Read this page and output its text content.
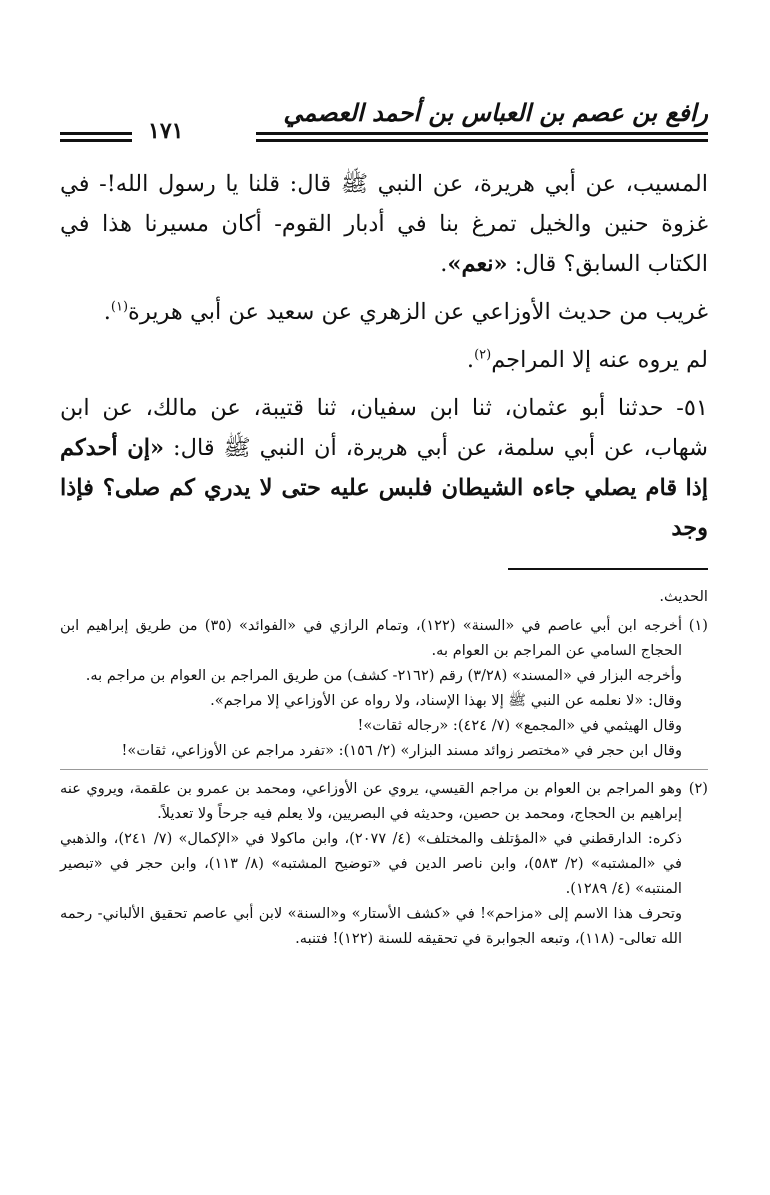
رافع بن عصم بن العباس بن أحمد العصمي
١٧١

المسيب، عن أبي هريرة، عن النبي ﷺ قال: قلنا يا رسول الله!- في غزوة حنين والخيل تمرغ بنا في أدبار القوم- أكان مسيرنا هذا في الكتاب السابق؟ قال: «نعم».

غريب من حديث الأوزاعي عن الزهري عن سعيد عن أبي هريرة$^{(١)}$.

لم يروه عنه إلا المراجم$^{(٢)}$.

٥١- حدثنا أبو عثمان، ثنا ابن سفيان، ثنا قتيبة، عن مالك، عن ابن شهاب، عن أبي سلمة، عن أبي هريرة، أن النبي ﷺ قال: «إن أحدكم إذا قام يصلي جاءه الشيطان فلبس عليه حتى لا يدري كم صلى؟ فإذا وجد

الحديث.

(١)
أخرجه ابن أبي عاصم في «السنة» (١٢٢)، وتمام الرازي في «الفوائد» (٣٥) من طريق إبراهيم ابن الحجاج السامي عن المراجم بن العوام به.

وأخرجه البزار في «المسند» (٣/٢٨) رقم (٢١٦٢- كشف) من طريق المراجم بن العوام بن مراجم به.

وقال: «لا نعلمه عن النبي ﷺ إلا بهذا الإسناد، ولا رواه عن الأوزاعي إلا مراجم».

وقال الهيثمي في «المجمع» (٧/ ٤٢٤): «رجاله ثقات»!

وقال ابن حجر في «مختصر زوائد مسند البزار» (٢/ ١٥٦): «تفرد مراجم عن الأوزاعي، ثقات»!

(٢)
وهو المراجم بن العوام بن مراجم القيسي، يروي عن الأوزاعي، ومحمد بن عمرو بن علقمة، ويروي عنه إبراهيم بن الحجاج، ومحمد بن حصين، وحديثه في البصريين، ولا يعلم فيه جرحاً ولا تعديلاً.

ذكره: الدارقطني في «المؤتلف والمختلف» (٤/ ٢٠٧٧)، وابن ماكولا في «الإكمال» (٧/ ٢٤١)، والذهبي في «المشتبه» (٢/ ٥٨٣)، وابن ناصر الدين في «توضيح المشتبه» (٨/ ١١٣)، وابن حجر في «تبصير المنتبه» (٤/ ١٢٨٩).

وتحرف هذا الاسم إلى «مزاحم»! في «كشف الأستار» و«السنة» لابن أبي عاصم تحقيق الألباني- رحمه الله تعالى- (١١٨)، وتبعه الجوابرة في تحقيقه للسنة (١٢٢)! فتنبه.
